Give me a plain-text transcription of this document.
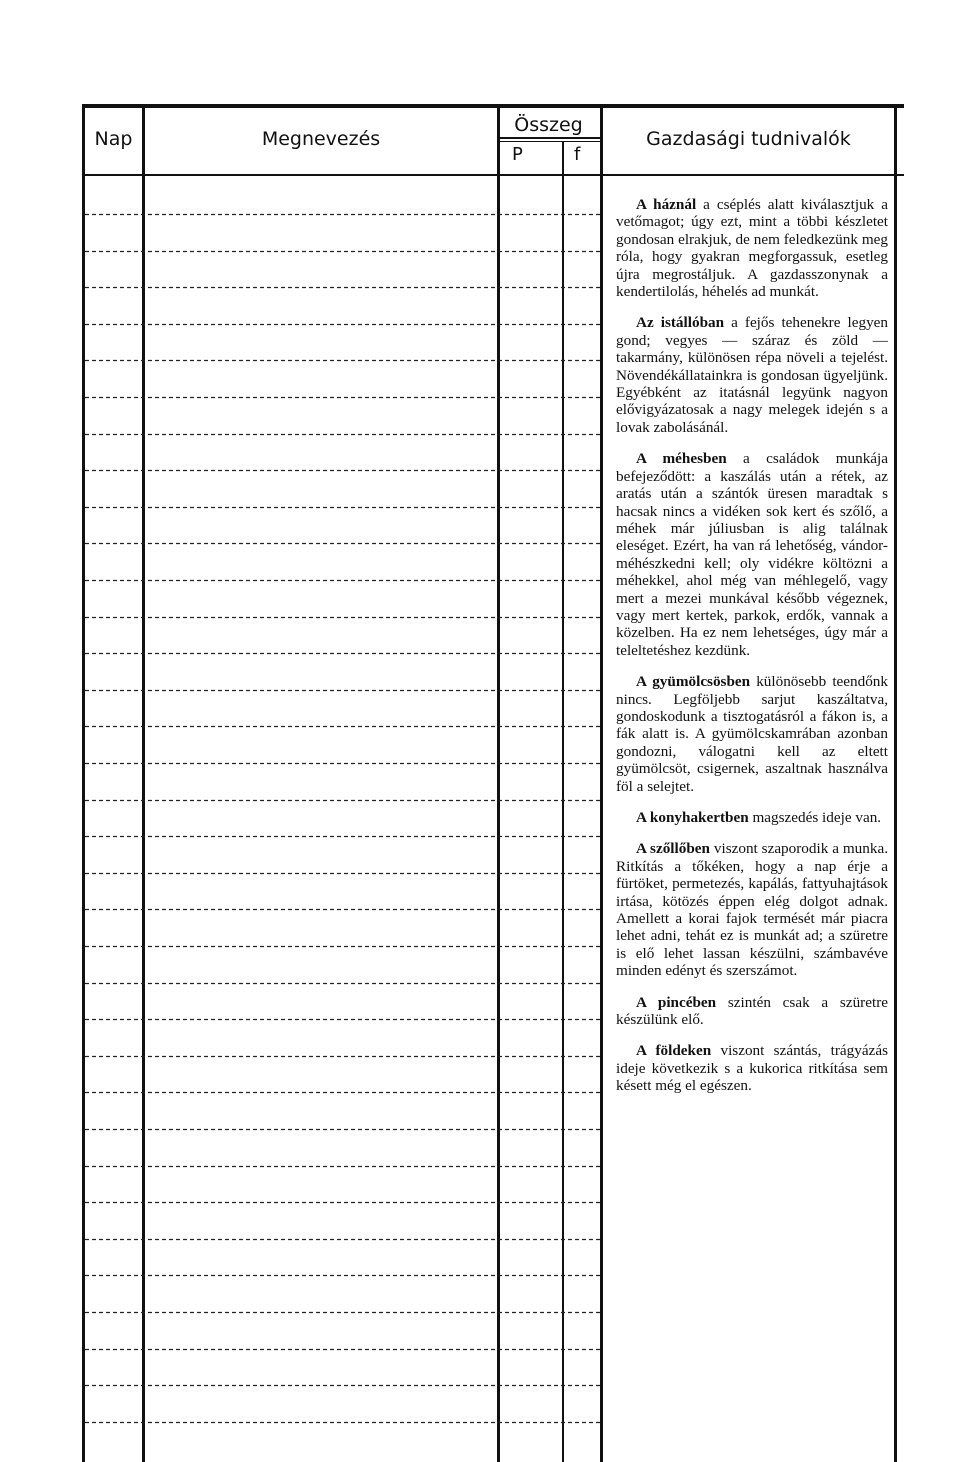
Nap	Megnevezés
Összeg
P	f
Gazdasági tudnivalók

A háznál a cséplés alatt kiválasztjuk a vetőmagot; úgy ezt, mint a többi készletet gondosan elrakjuk, de nem feledkezünk meg róla, hogy gyakran megforgassuk, esetleg újra megrostáljuk. A gazdasszonynak a kendertilolás, héhelés ad munkát.

Az istállóban a fejős tehenekre legyen gond; vegyes — száraz és zöld — takarmány, különösen répa növeli a tejelést. Növendékállatainkra is gondosan ügyeljünk. Egyébként az itatásnál legyünk nagyon elővigyázatosak a nagy melegek idején s a lovak zabolásánál.

A méhesben a családok munkája befejeződött: a kaszálás után a rétek, az aratás után a szántók üresen maradtak s hacsak nincs a vidéken sok kert és szőlő, a méhek már júliusban is alig találnak eleséget. Ezért, ha van rá lehetőség, vándor-méhészkedni kell; oly vidékre költözni a méhekkel, ahol még van méhlegelő, vagy mert a mezei munkával később végeznek, vagy mert kertek, parkok, erdők, vannak a közelben. Ha ez nem lehetséges, úgy már a teleltetéshez kezdünk.

A gyümölcsösben különösebb teendőnk nincs. Legföljebb sarjut kaszáltatva, gondoskodunk a tisztogatásról a fákon is, a fák alatt is. A gyümölcskamrában azonban gondozni, válogatni kell az eltett gyümölcsöt, csigernek, aszaltnak használva föl a selejtet.

A konyhakertben magszedés ideje van.

A szőllőben viszont szaporodik a munka. Ritkítás a tőkéken, hogy a nap érje a fürtöket, permetezés, kapálás, fattyuhajtások irtása, kötözés éppen elég dolgot adnak. Amellett a korai fajok termését már piacra lehet adni, tehát ez is munkát ad; a szüretre is elő lehet lassan készülni, számbavéve minden edényt és szerszámot.

A pincében szintén csak a szüretre készülünk elő.

A földeken viszont szántás, trágyázás ideje következik s a kukorica ritkítása sem késett még el egészen.
